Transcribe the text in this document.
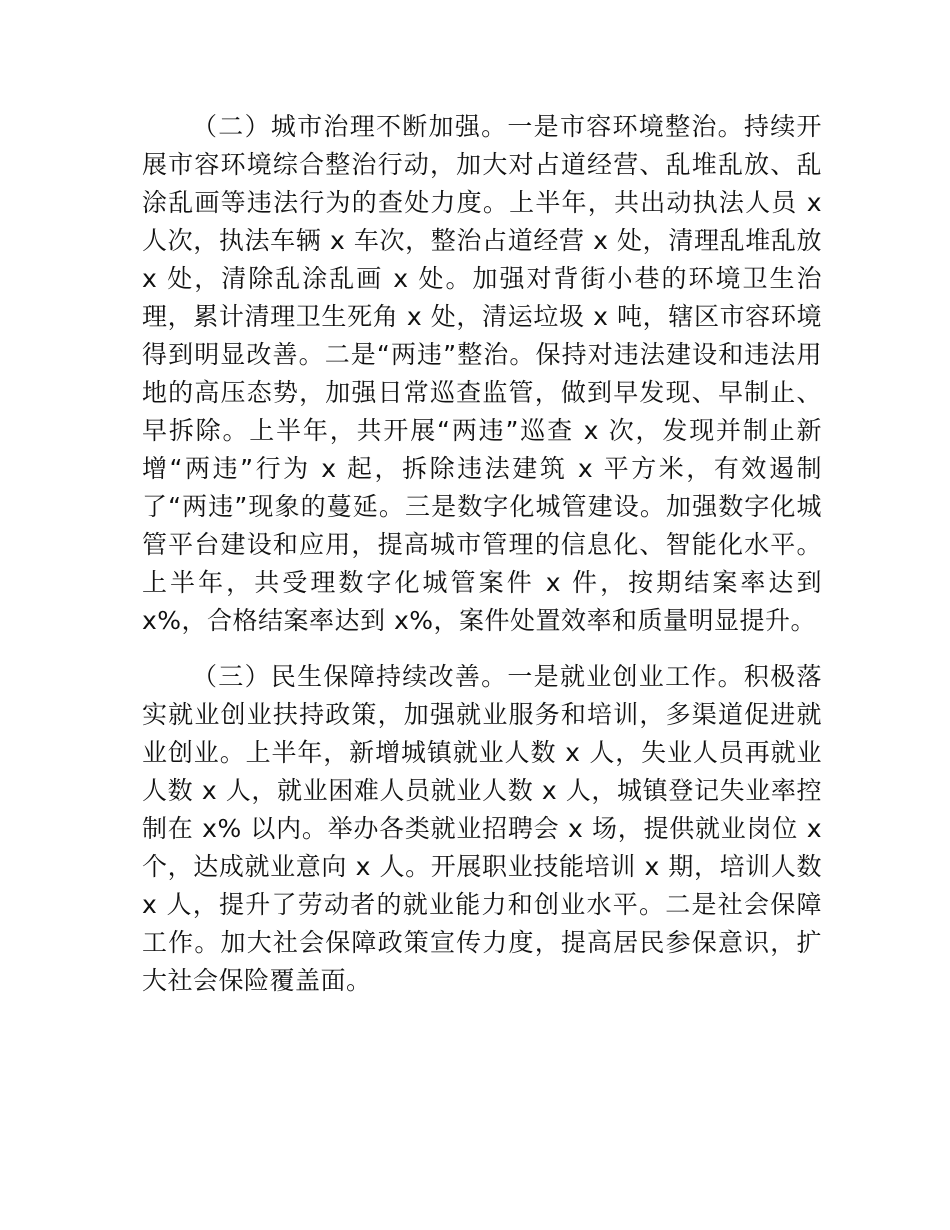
（二）城市治理不断加强。一是市容环境整治。持续开展市容环境综合整治行动，加大对占道经营、乱堆乱放、乱涂乱画等违法行为的查处力度。上半年，共出动执法人员 x 人次，执法车辆 x 车次，整治占道经营 x 处，清理乱堆乱放 x 处，清除乱涂乱画 x 处。加强对背街小巷的环境卫生治理，累计清理卫生死角 x 处，清运垃圾 x 吨，辖区市容环境得到明显改善。二是“两违”整治。保持对违法建设和违法用地的高压态势，加强日常巡查监管，做到早发现、早制止、早拆除。上半年，共开展“两违”巡查 x 次，发现并制止新增“两违”行为 x 起，拆除违法建筑 x 平方米，有效遏制了“两违”现象的蔓延。三是数字化城管建设。加强数字化城管平台建设和应用，提高城市管理的信息化、智能化水平。上半年，共受理数字化城管案件 x 件，按期结案率达到 x%，合格结案率达到 x%，案件处置效率和质量明显提升。

（三）民生保障持续改善。一是就业创业工作。积极落实就业创业扶持政策，加强就业服务和培训，多渠道促进就业创业。上半年，新增城镇就业人数 x 人，失业人员再就业人数 x 人，就业困难人员就业人数 x 人，城镇登记失业率控制在 x% 以内。举办各类就业招聘会 x 场，提供就业岗位 x 个，达成就业意向 x 人。开展职业技能培训 x 期，培训人数 x 人，提升了劳动者的就业能力和创业水平。二是社会保障工作。加大社会保障政策宣传力度，提高居民参保意识，扩大社会保险覆盖面。
